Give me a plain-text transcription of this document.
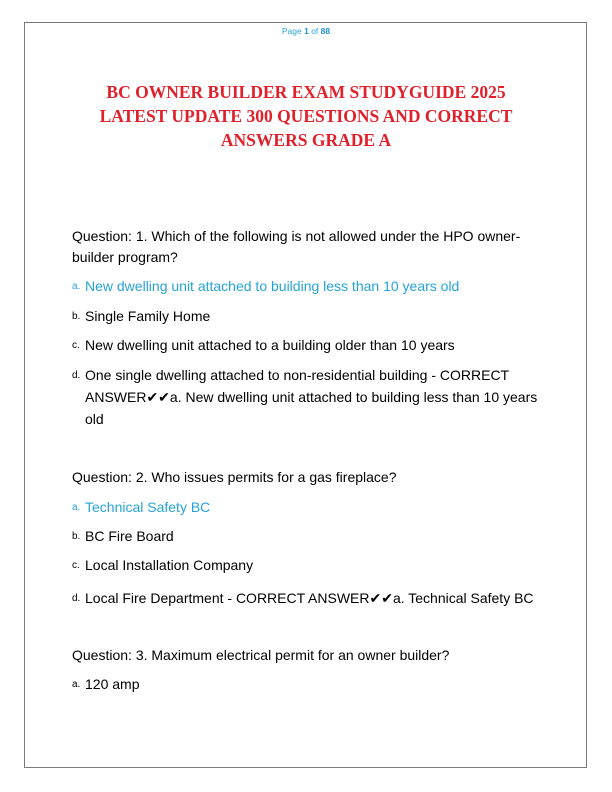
Page 1 of 88
BC OWNER BUILDER EXAM STUDYGUIDE 2025
LATEST UPDATE 300 QUESTIONS AND CORRECT
ANSWERS GRADE A
Question: 1. Which of the following is not allowed under the HPO owner-builder program?
a. New dwelling unit attached to building less than 10 years old
b. Single Family Home
c. New dwelling unit attached to a building older than 10 years
d. One single dwelling attached to non-residential building - CORRECT ANSWER✔✔a. New dwelling unit attached to building less than 10 years old
Question: 2. Who issues permits for a gas fireplace?
a. Technical Safety BC
b. BC Fire Board
c. Local Installation Company
d. Local Fire Department - CORRECT ANSWER✔✔a. Technical Safety BC
Question: 3. Maximum electrical permit for an owner builder?
a. 120 amp
